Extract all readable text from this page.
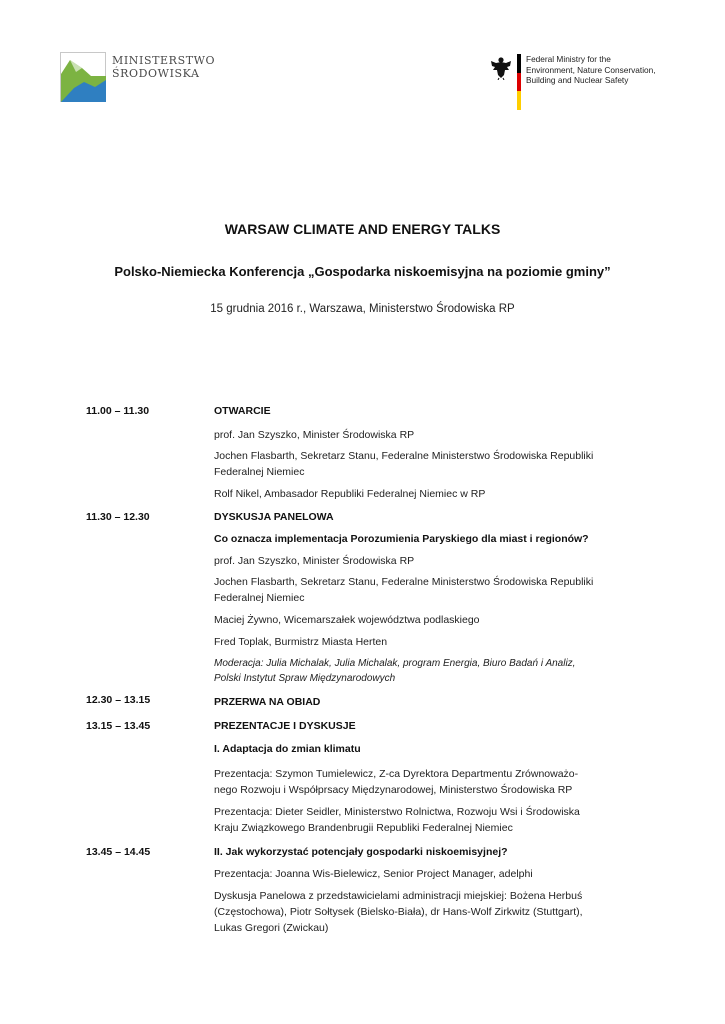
MINISTERSTWO
ŚRODOWISKA
Federal Ministry for the
Environment, Nature Conservation,
Building and Nuclear Safety
WARSAW CLIMATE AND ENERGY TALKS
Polsko-Niemiecka Konferencja „Gospodarka niskoemisyjna na poziomie gminy”
15 grudnia 2016 r., Warszawa, Ministerstwo Środowiska RP
11.00 – 11.30	OTWARCIE
prof. Jan Szyszko, Minister Środowiska RP
Jochen Flasbarth, Sekretarz Stanu, Federalne Ministerstwo Środowiska Republiki
Federalnej Niemiec
Rolf Nikel, Ambasador Republiki Federalnej Niemiec w RP
11.30 – 12.30	DYSKUSJA PANELOWA
Co oznacza implementacja Porozumienia Paryskiego dla miast i regionów?
prof. Jan Szyszko, Minister Środowiska RP
Jochen Flasbarth, Sekretarz Stanu, Federalne Ministerstwo Środowiska Republiki
Federalnej Niemiec
Maciej Żywno, Wicemarszałek województwa podlaskiego
Fred Toplak, Burmistrz Miasta Herten
Moderacja: Julia Michalak, Julia Michalak, program Energia, Biuro Badań i Analiz,
Polski Instytut Spraw Międzynarodowych
12.30 – 13.15	PRZERWA NA OBIAD
13.15 – 13.45	PREZENTACJE I DYSKUSJE
I. Adaptacja do zmian klimatu
Prezentacja: Szymon Tumielewicz, Z-ca Dyrektora Departmentu Zrównoważo-
nego Rozwoju i Współprsacy Międzynarodowej, Ministerstwo Środowiska RP
Prezentacja: Dieter Seidler, Ministerstwo Rolnictwa, Rozwoju Wsi i Środowiska
Kraju Związkowego Brandenbrugii Republiki Federalnej Niemiec
13.45 – 14.45	II. Jak wykorzystać potencjały gospodarki niskoemisyjnej?
Prezentacja: Joanna Wis-Bielewicz, Senior Project Manager, adelphi
Dyskusja Panelowa z przedstawicielami administracji miejskiej: Bożena Herbuś
(Częstochowa), Piotr Sołtysek (Bielsko-Biała), dr Hans-Wolf Zirkwitz (Stuttgart),
Lukas Gregori (Zwickau)
